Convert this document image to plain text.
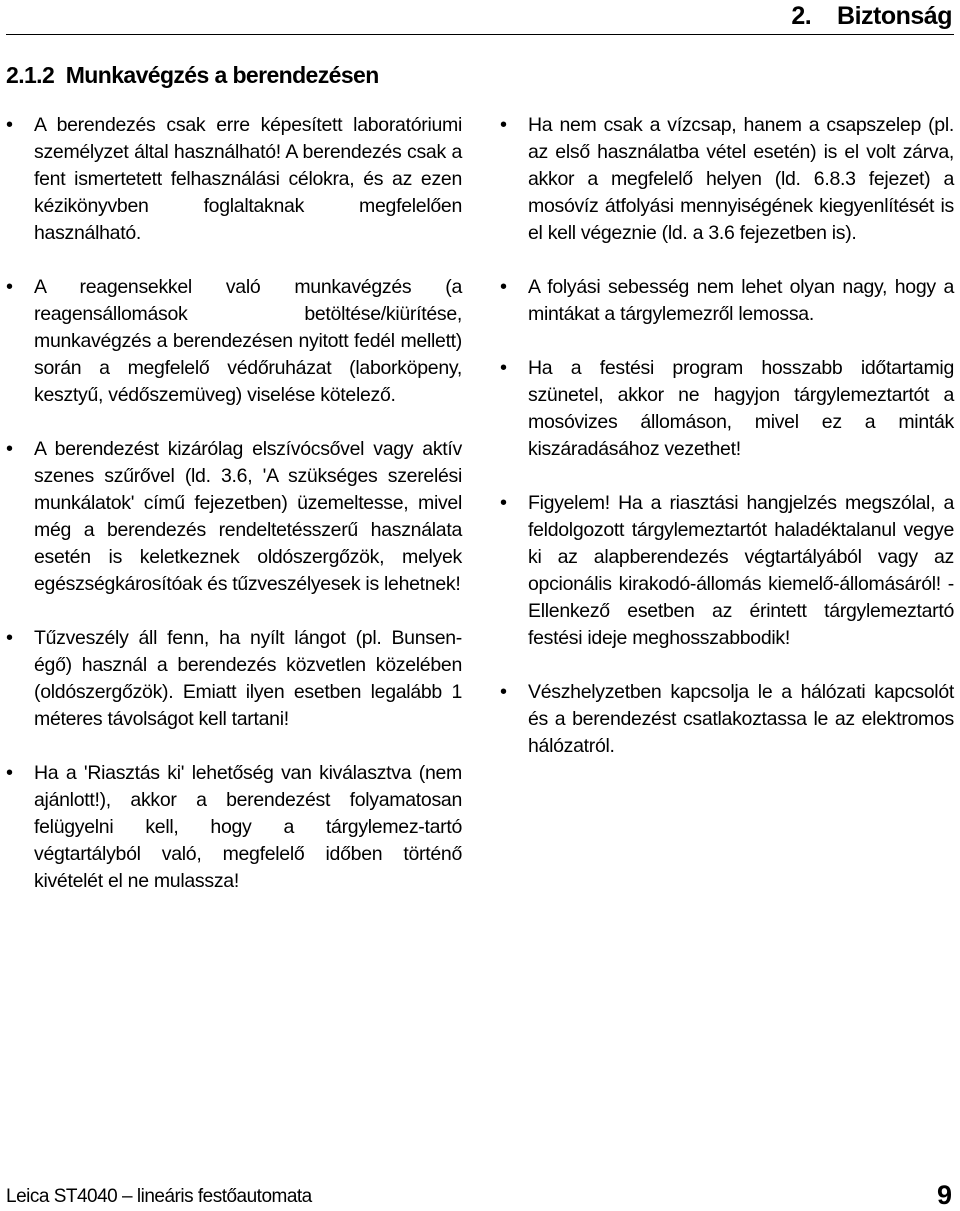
2.    Biztonság
2.1.2  Munkavégzés a berendezésen
• A berendezés csak erre képesített laboratóriumi személyzet által használható! A berendezés csak a fent ismertetett felhasználási célokra, és az ezen kézikönyvben foglaltaknak megfelelően használható.
• A reagensekkel való munkavégzés (a reagensállomások betöltése/kiürítése, munkavégzés a berendezésen nyitott fedél mellett) során a megfelelő védőruházat (laborköpeny, kesztyű, védőszemüveg) viselése kötelező.
• A berendezést kizárólag elszívócsővel vagy aktív szenes szűrővel (ld. 3.6, 'A szükséges szerelési munkálatok' című fejezetben) üzemeltesse, mivel még a berendezés rendeltetésszerű használata esetén is keletkeznek oldószergőzök, melyek egészségkárosítóak és tűzveszélyesek is lehetnek!
• Tűzveszély áll fenn, ha nyílt lángot (pl. Bunsen-égő) használ a berendezés közvetlen közelében (oldószergőzök). Emiatt ilyen esetben legalább 1 méteres távolságot kell tartani!
• Ha a 'Riasztás ki' lehetőség van kiválasztva (nem ajánlott!), akkor a berendezést folyamatosan felügyelni kell, hogy a tárgylemez-tartó végtartályból való, megfelelő időben történő kivételét el ne mulassza!
• Ha nem csak a vízcsap, hanem a csapszelep (pl. az első használatba vétel esetén) is el volt zárva, akkor a megfelelő helyen (ld. 6.8.3 fejezet) a mosóvíz átfolyási mennyiségének kiegyenlítését is el kell végeznie (ld. a 3.6 fejezetben is).
• A folyási sebesség nem lehet olyan nagy, hogy a mintákat a tárgylemezről lemossa.
• Ha a festési program hosszabb időtartamig szünetel, akkor ne hagyjon tárgylemeztartót a mosóvizes állomáson, mivel ez a minták kiszáradásához vezethet!
• Figyelem! Ha a riasztási hangjelzés megszólal, a feldolgozott tárgylemeztartót haladéktalanul vegye ki az alapberendezés végtartályából vagy az opcionális kirakodó-állomás kiemelő-állomásáról! - Ellenkező esetben az érintett tárgylemeztartó festési ideje meghosszabbodik!
• Vészhelyzetben kapcsolja le a hálózati kapcsolót és a berendezést csatlakoztassa le az elektromos hálózatról.
Leica ST4040 – lineáris festőautomata	9
